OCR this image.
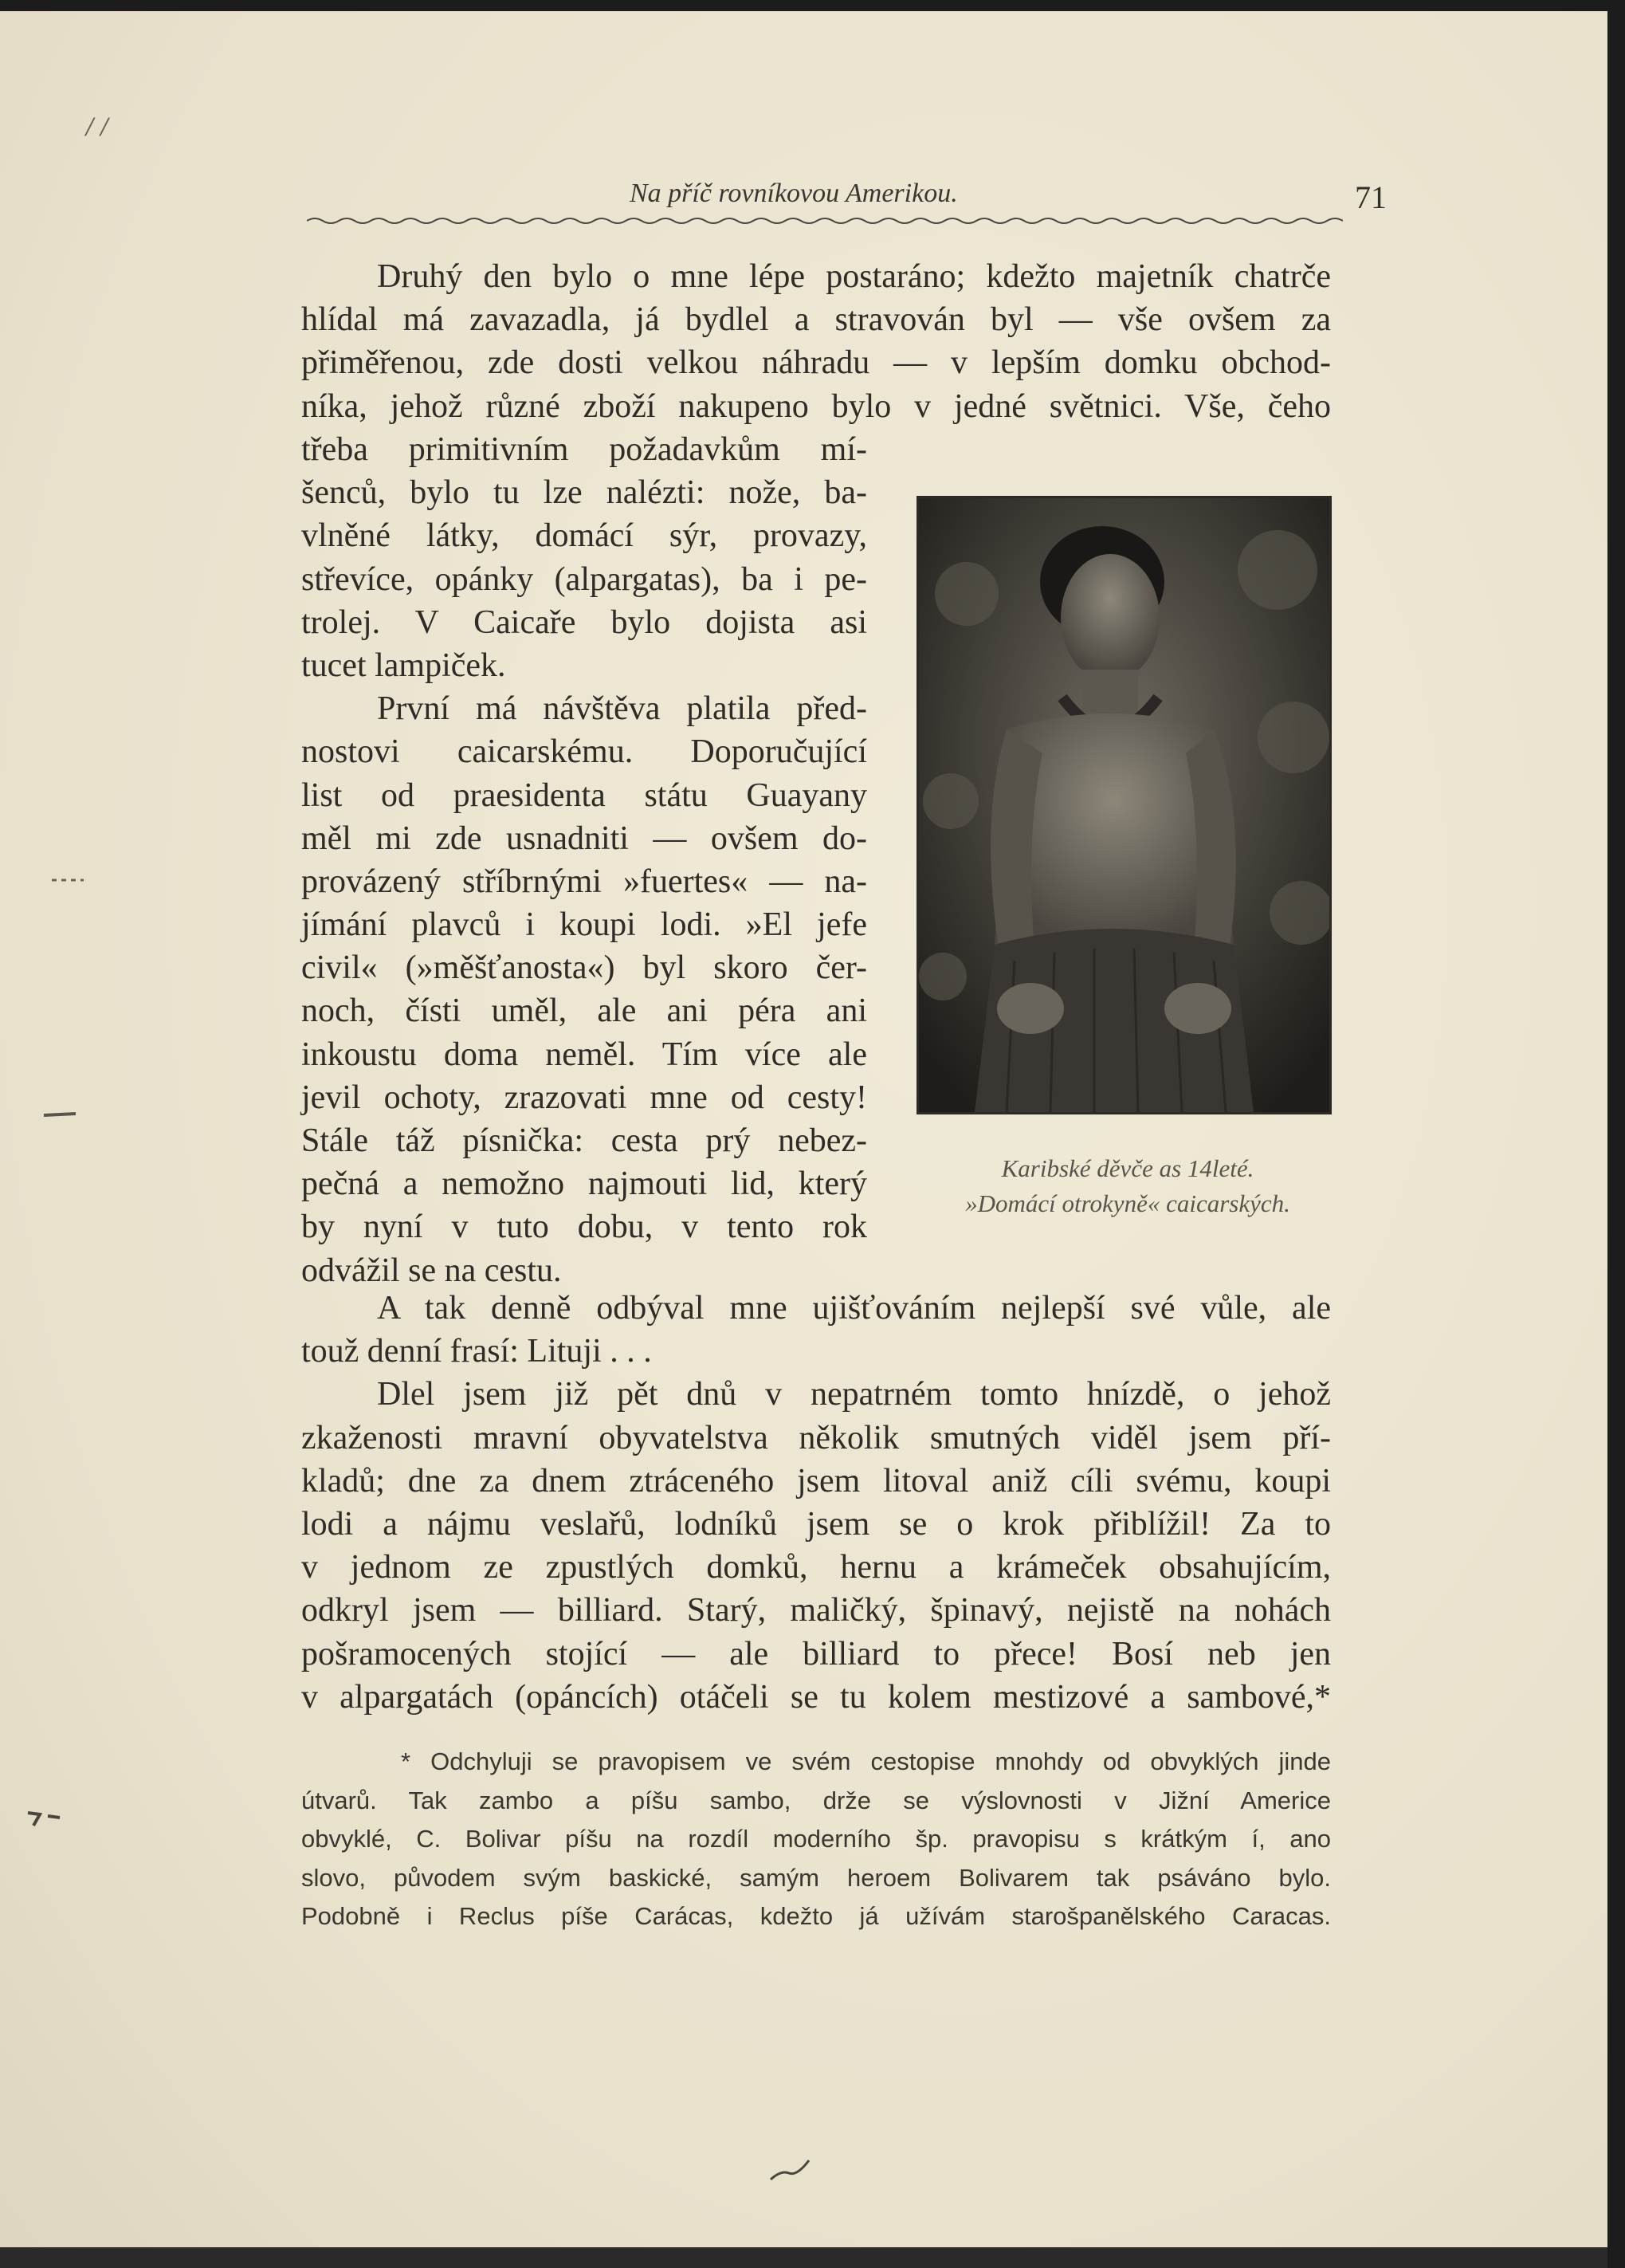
/ /
Na příč rovníkovou Amerikou.	71
Druhý den bylo o mne lépe postaráno; kdežto majetník chatrče
hlídal má zavazadla, já bydlel a stravován byl — vše ovšem za
přiměřenou, zde dosti velkou náhradu — v lepším domku obchod-
níka, jehož různé zboží nakupeno bylo v jedné světnici. Vše, čeho
třeba primitivním požadavkům mí-
šenců, bylo tu lze nalézti: nože, ba-
vlněné látky, domácí sýr, provazy,
střevíce, opánky (alpargatas), ba i pe-
trolej. V Caicaře bylo dojista asi
tucet lampiček.
První má návštěva platila před-
nostovi caicarskému. Doporučující
list od praesidenta státu Guayany
měl mi zde usnadniti — ovšem do-
provázený stříbrnými »fuertes« — na-
jímání plavců i koupi lodi. »El jefe
civil« (»měšťanosta«) byl skoro čer-
noch, čísti uměl, ale ani péra ani
inkoustu doma neměl. Tím více ale
jevil ochoty, zrazovati mne od cesty!
Stále táž písnička: cesta prý nebez-
pečná a nemožno najmouti lid, který
by nyní v tuto dobu, v tento rok
odvážil se na cestu.
Karibské děvče as 14leté.
»Domácí otrokyně« caicarských.
A tak denně odbýval mne ujišťováním nejlepší své vůle, ale
touž denní frasí: Lituji . . .
Dlel jsem již pět dnů v nepatrném tomto hnízdě, o jehož
zkaženosti mravní obyvatelstva několik smutných viděl jsem pří-
kladů; dne za dnem ztráceného jsem litoval aniž cíli svému, koupi
lodi a nájmu veslařů, lodníků jsem se o krok přiblížil! Za to
v jednom ze zpustlých domků, hernu a krámeček obsahujícím,
odkryl jsem — billiard. Starý, maličký, špinavý, nejistě na nohách
pošramocených stojící — ale billiard to přece! Bosí neb jen
v alpargatách (opáncích) otáčeli se tu kolem mestizové a sambové,*
* Odchyluji se pravopisem ve svém cestopise mnohdy od obvyklých jinde
útvarů. Tak zambo a píšu sambo, drže se výslovnosti v Jižní Americe
obvyklé, C. Bolivar píšu na rozdíl moderního šp. pravopisu s krátkým í, ano
slovo, původem svým baskické, samým heroem Bolivarem tak psáváno bylo.
Podobně i Reclus píše Carácas, kdežto já užívám starošpanělského Caracas.
